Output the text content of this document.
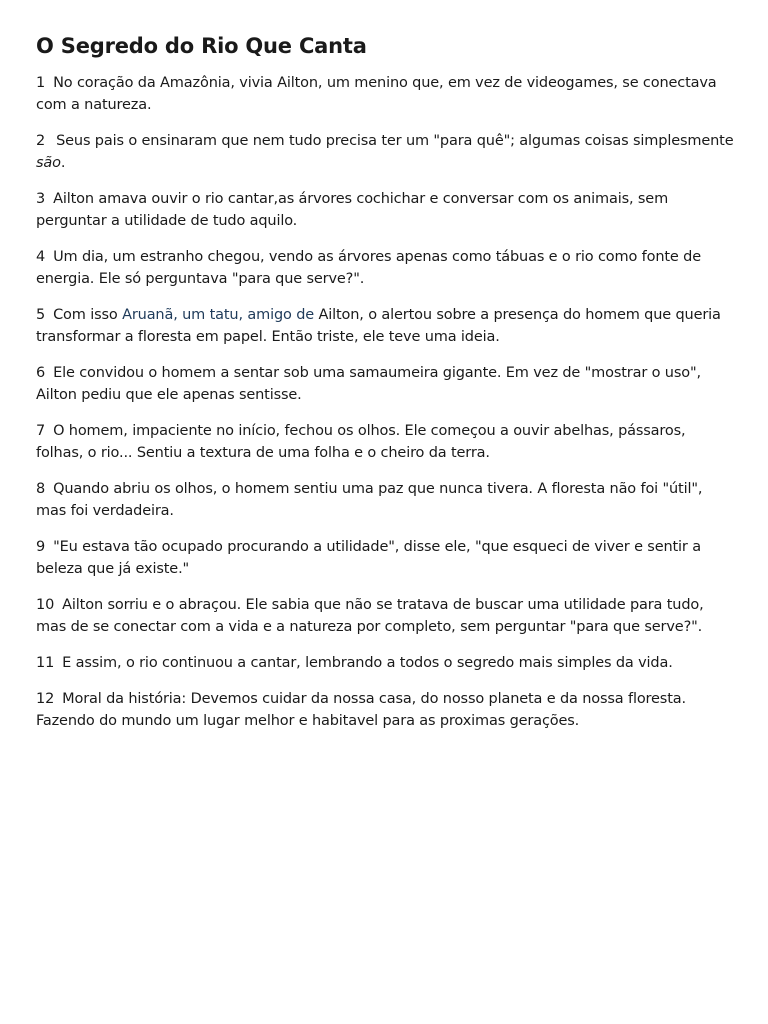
O Segredo do Rio Que Canta

1 No coração da Amazônia, vivia Ailton, um menino que, em vez de videogames, se conectava com a natureza.

2 Seus pais o ensinaram que nem tudo precisa ter um "para quê"; algumas coisas simplesmente são.

3 Ailton amava ouvir o rio cantar,as árvores cochichar e conversar com os animais, sem perguntar a utilidade de tudo aquilo.

4 Um dia, um estranho chegou, vendo as árvores apenas como tábuas e o rio como fonte de energia. Ele só perguntava "para que serve?".

5 Com isso Aruanã, um tatu, amigo de Ailton, o alertou sobre a presença do homem que queria transformar a floresta em papel. Então triste, ele teve uma ideia.

6 Ele convidou o homem a sentar sob uma samaumeira gigante. Em vez de "mostrar o uso", Ailton pediu que ele apenas sentisse.

7 O homem, impaciente no início, fechou os olhos. Ele começou a ouvir abelhas, pássaros, folhas, o rio... Sentiu a textura de uma folha e o cheiro da terra.

8 Quando abriu os olhos, o homem sentiu uma paz que nunca tivera. A floresta não foi "útil", mas foi verdadeira.

9 "Eu estava tão ocupado procurando a utilidade", disse ele, "que esqueci de viver e sentir a beleza que já existe."

10 Ailton sorriu e o abraçou. Ele sabia que não se tratava de buscar uma utilidade para tudo, mas de se conectar com a vida e a natureza por completo, sem perguntar "para que serve?".

11 E assim, o rio continuou a cantar, lembrando a todos o segredo mais simples da vida.

12 Moral da história: Devemos cuidar da nossa casa, do nosso planeta e da nossa floresta. Fazendo do mundo um lugar melhor e habitavel para as proximas gerações.
